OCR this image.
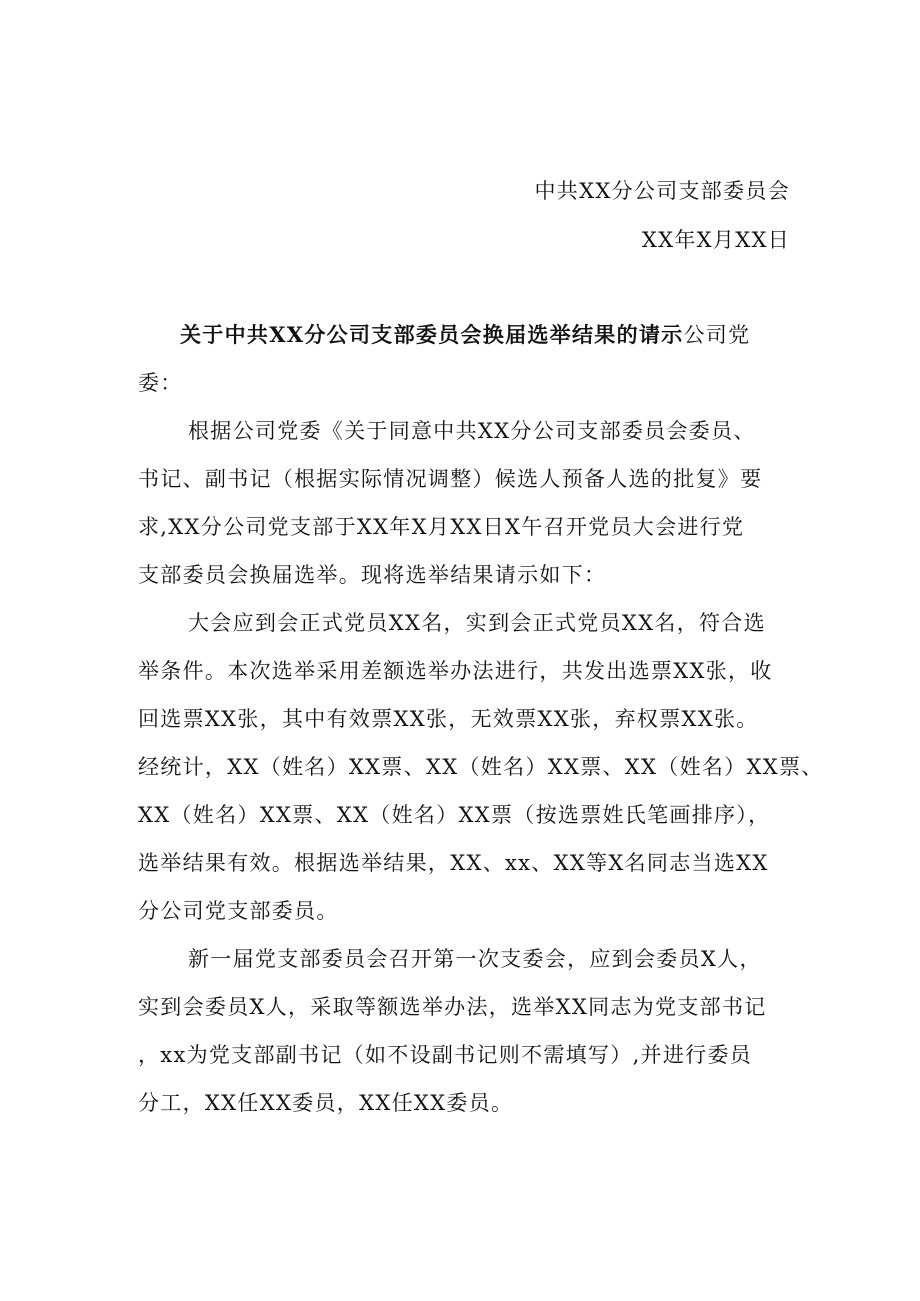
中共XX分公司支部委员会
XX年X月XX日
关于中共XX分公司支部委员会换届选举结果的请示公司党
委：
根据公司党委《关于同意中共XX分公司支部委员会委员、
书记、副书记（根据实际情况调整）候选人预备人选的批复》要
求,XX分公司党支部于XX年X月XX日X午召开党员大会进行党
支部委员会换届选举。现将选举结果请示如下：
大会应到会正式党员XX名，实到会正式党员XX名，符合选
举条件。本次选举采用差额选举办法进行，共发出选票XX张，收
回选票XX张，其中有效票XX张，无效票XX张，弃权票XX张。
经统计，XX（姓名）XX票、XX（姓名）XX票、XX（姓名）XX票、
XX（姓名）XX票、XX（姓名）XX票（按选票姓氏笔画排序），
选举结果有效。根据选举结果，XX、xx、XX等X名同志当选XX
分公司党支部委员。
新一届党支部委员会召开第一次支委会，应到会委员X人，
实到会委员X人，采取等额选举办法，选举XX同志为党支部书记
，xx为党支部副书记（如不设副书记则不需填写）,并进行委员
分工，XX任XX委员，XX任XX委员。
